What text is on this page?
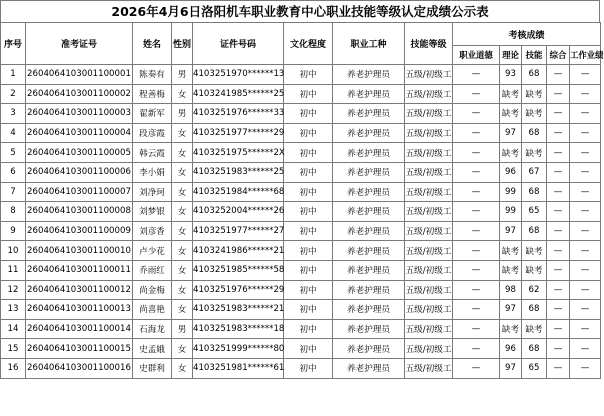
2026年4月6日洛阳机车职业教育中心职业技能等级认定成绩公示表
序号	准考证号	姓名	性别	证件号码	文化程度	职业工种	技能等级	考核成绩				
								职业道德	理论	技能	综合	工作业绩
1	2604064103001100001	陈奏有	男	4103251970******13	初中	养老护理员	五级/初级工	—	93	68	—	—
2	2604064103001100002	程善梅	女	4103241985******25	初中	养老护理员	五级/初级工	—	缺考	缺考	—	—
3	2604064103001100003	翟新军	男	4103251976******33	初中	养老护理员	五级/初级工	—	缺考	缺考	—	—
4	2604064103001100004	段彦霞	女	4103251977******29	初中	养老护理员	五级/初级工	—	97	68	—	—
5	2604064103001100005	韩云霞	女	4103251975******2X	初中	养老护理员	五级/初级工	—	缺考	缺考	—	—
6	2604064103001100006	李小娟	女	4103251983******25	初中	养老护理员	五级/初级工	—	96	67	—	—
7	2604064103001100007	刘净珂	女	4103251984******68	初中	养老护理员	五级/初级工	—	99	68	—	—
8	2604064103001100008	刘梦银	女	4103252004******26	初中	养老护理员	五级/初级工	—	99	65	—	—
9	2604064103001100009	刘彦香	女	4103251977******27	初中	养老护理员	五级/初级工	—	97	68	—	—
10	2604064103001100010	卢少花	女	4103241986******21	初中	养老护理员	五级/初级工	—	缺考	缺考	—	—
11	2604064103001100011	乔雨红	女	4103251985******58	初中	养老护理员	五级/初级工	—	缺考	缺考	—	—
12	2604064103001100012	尚金梅	女	4103251976******29	初中	养老护理员	五级/初级工	—	98	62	—	—
13	2604064103001100013	尚喜艳	女	4103251983******21	初中	养老护理员	五级/初级工	—	97	68	—	—
14	2604064103001100014	石海龙	男	4103251983******18	初中	养老护理员	五级/初级工	—	缺考	缺考	—	—
15	2604064103001100015	史孟娥	女	4103251999******80	初中	养老护理员	五级/初级工	—	96	68	—	—
16	2604064103001100016	史群利	女	4103251981******61	初中	养老护理员	五级/初级工	—	97	65	—	—
